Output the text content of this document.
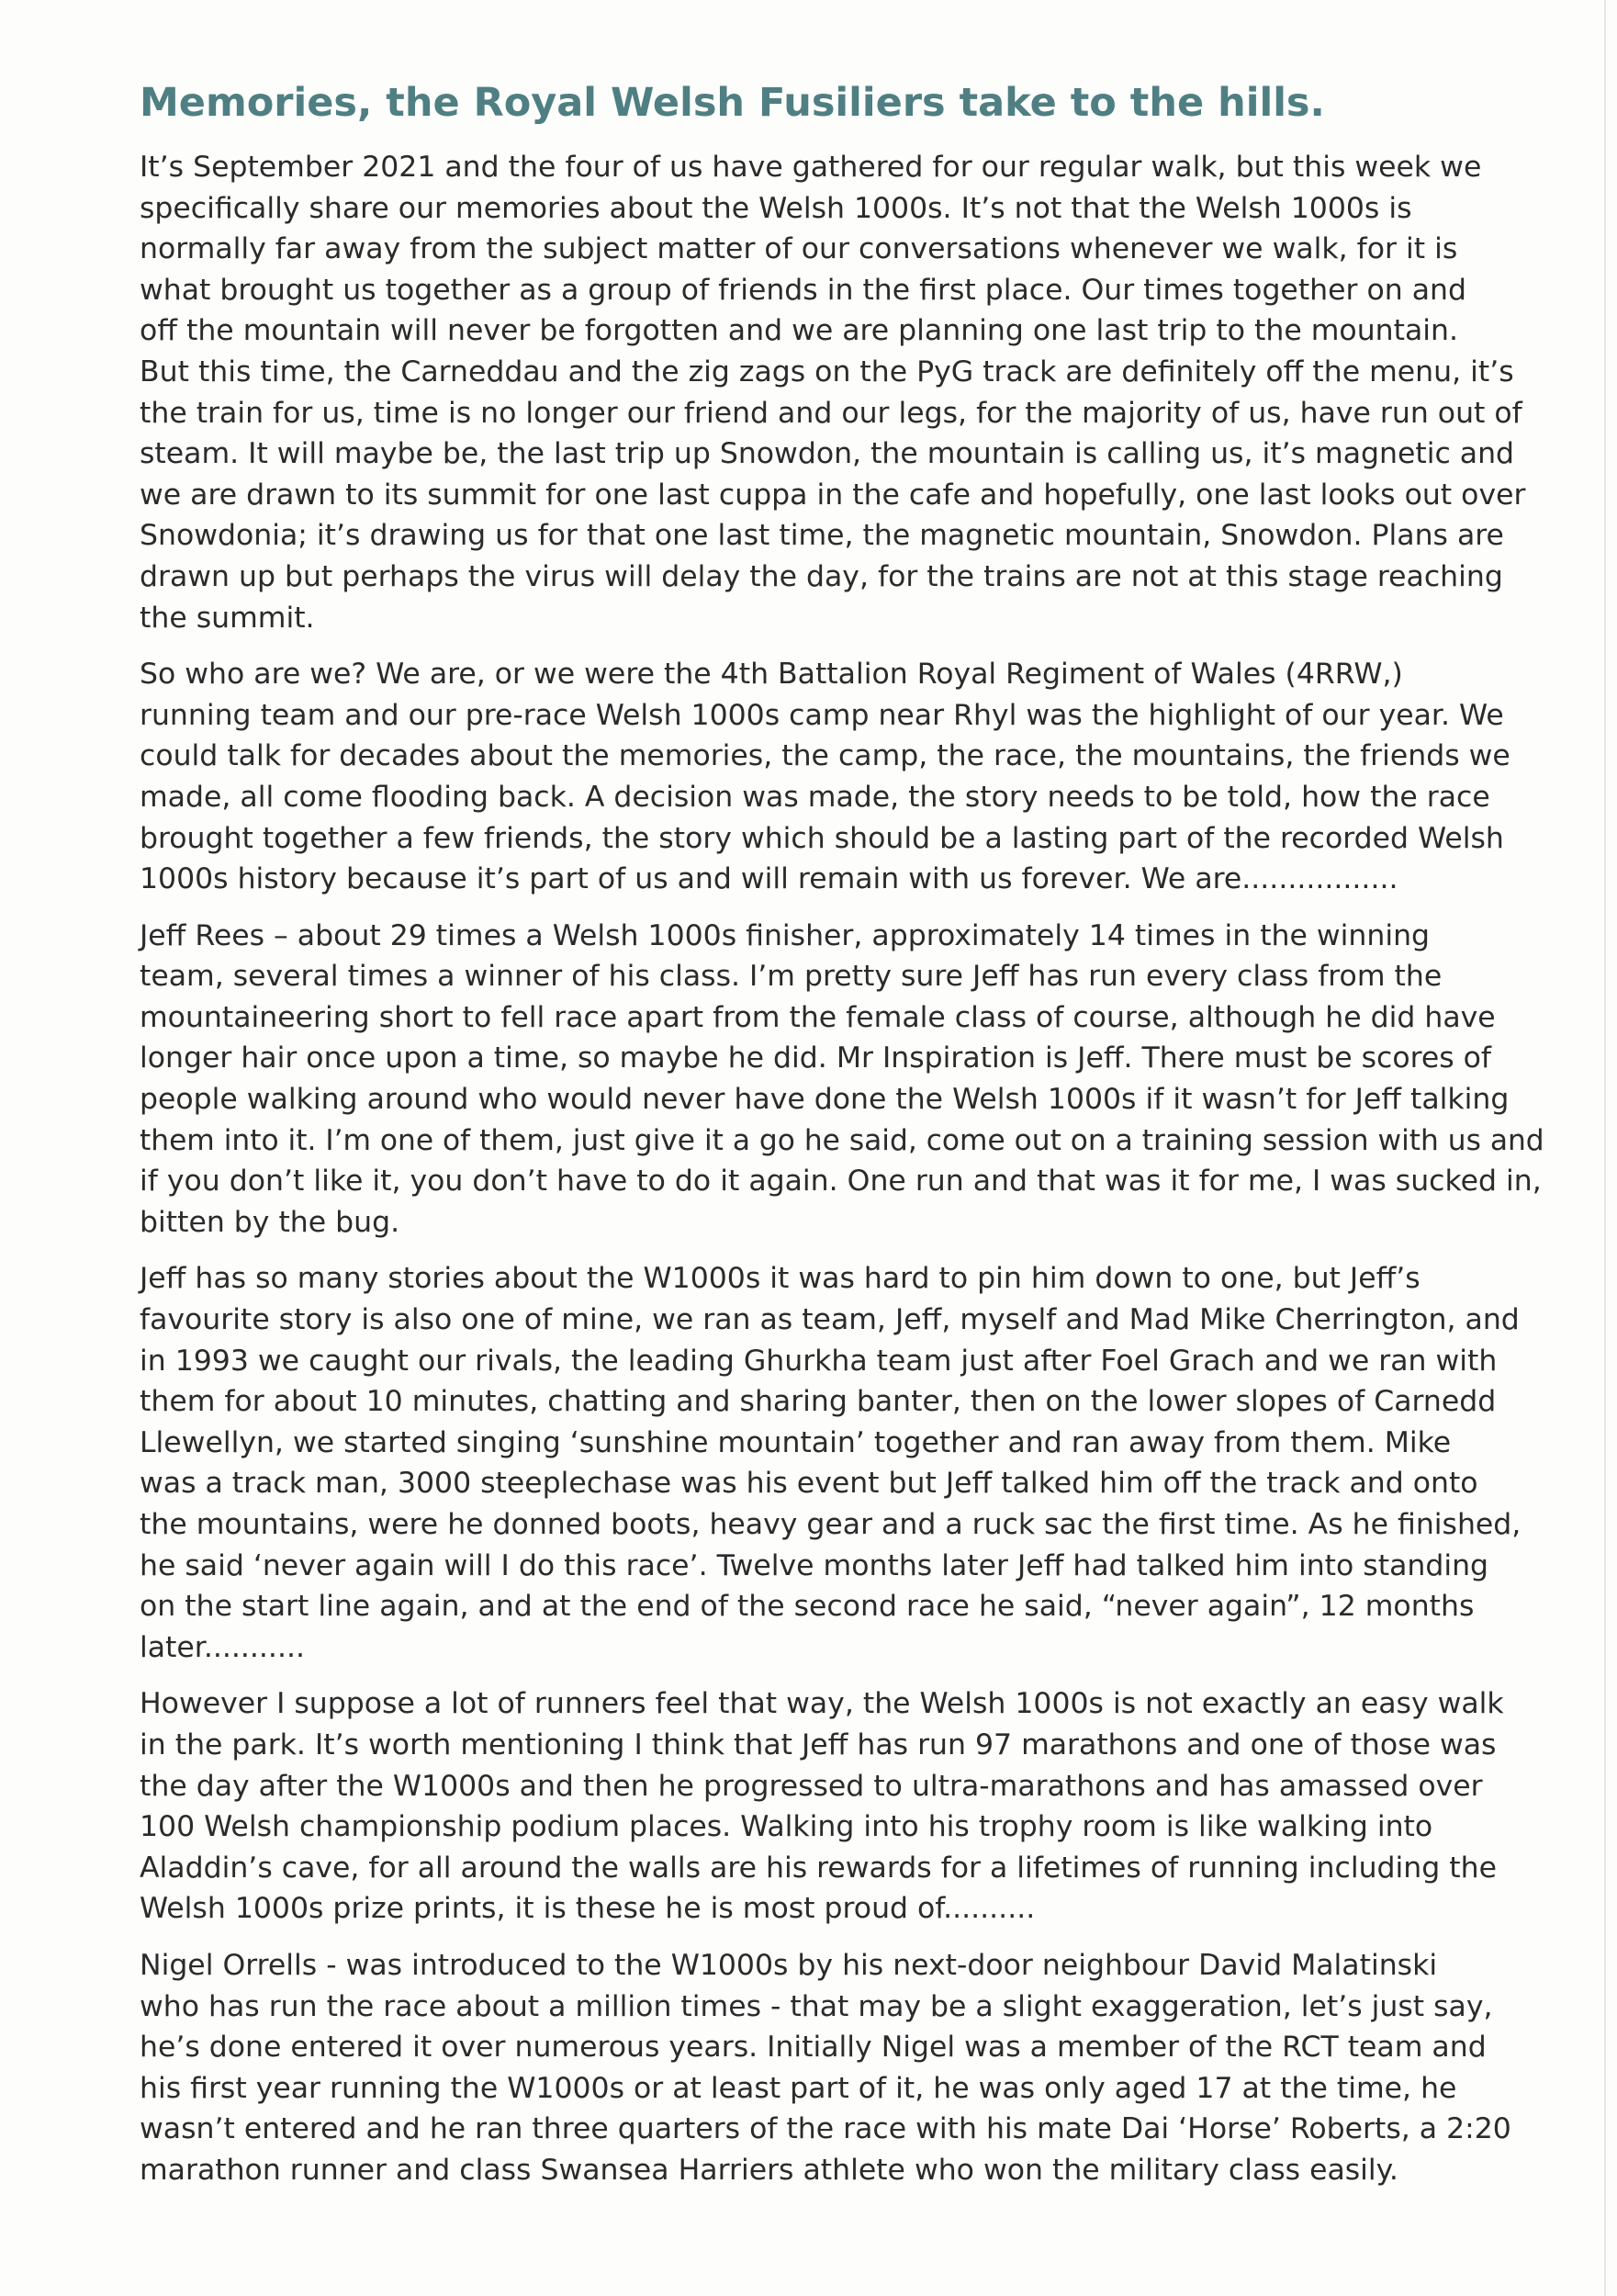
Memories, the Royal Welsh Fusiliers take to the hills.
It’s September 2021 and the four of us have gathered for our regular walk, but this week we
specifically share our memories about the Welsh 1000s. It’s not that the Welsh 1000s is
normally far away from the subject matter of our conversations whenever we walk, for it is
what brought us together as a group of friends in the first place. Our times together on and
off the mountain will never be forgotten and we are planning one last trip to the mountain.
But this time, the Carneddau and the zig zags on the PyG track are definitely off the menu, it’s
the train for us, time is no longer our friend and our legs, for the majority of us, have run out of
steam. It will maybe be, the last trip up Snowdon, the mountain is calling us, it’s magnetic and
we are drawn to its summit for one last cuppa in the cafe and hopefully, one last looks out over
Snowdonia; it’s drawing us for that one last time, the magnetic mountain, Snowdon. Plans are
drawn up but perhaps the virus will delay the day, for the trains are not at this stage reaching
the summit.
So who are we? We are, or we were the 4th Battalion Royal Regiment of Wales (4RRW,)
running team and our pre-race Welsh 1000s camp near Rhyl was the highlight of our year. We
could talk for decades about the memories, the camp, the race, the mountains, the friends we
made, all come flooding back. A decision was made, the story needs to be told, how the race
brought together a few friends, the story which should be a lasting part of the recorded Welsh
1000s history because it’s part of us and will remain with us forever. We are.................
Jeff Rees – about 29 times a Welsh 1000s finisher, approximately 14 times in the winning
team, several times a winner of his class. I’m pretty sure Jeff has run every class from the
mountaineering short to fell race apart from the female class of course, although he did have
longer hair once upon a time, so maybe he did. Mr Inspiration is Jeff. There must be scores of
people walking around who would never have done the Welsh 1000s if it wasn’t for Jeff talking
them into it. I’m one of them, just give it a go he said, come out on a training session with us and
if you don’t like it, you don’t have to do it again. One run and that was it for me, I was sucked in,
bitten by the bug.
Jeff has so many stories about the W1000s it was hard to pin him down to one, but Jeff’s
favourite story is also one of mine, we ran as team, Jeff, myself and Mad Mike Cherrington, and
in 1993 we caught our rivals, the leading Ghurkha team just after Foel Grach and we ran with
them for about 10 minutes, chatting and sharing banter, then on the lower slopes of Carnedd
Llewellyn, we started singing ‘sunshine mountain’ together and ran away from them. Mike
was a track man, 3000 steeplechase was his event but Jeff talked him off the track and onto
the mountains, were he donned boots, heavy gear and a ruck sac the first time. As he finished,
he said ‘never again will I do this race’. Twelve months later Jeff had talked him into standing
on the start line again, and at the end of the second race he said, “never again”, 12 months
later...........
However I suppose a lot of runners feel that way, the Welsh 1000s is not exactly an easy walk
in the park. It’s worth mentioning I think that Jeff has run 97 marathons and one of those was
the day after the W1000s and then he progressed to ultra-marathons and has amassed over
100 Welsh championship podium places. Walking into his trophy room is like walking into
Aladdin’s cave, for all around the walls are his rewards for a lifetimes of running including the
Welsh 1000s prize prints, it is these he is most proud of..........
Nigel Orrells - was introduced to the W1000s by his next-door neighbour David Malatinski
who has run the race about a million times - that may be a slight exaggeration, let’s just say,
he’s done entered it over numerous years. Initially Nigel was a member of the RCT team and
his first year running the W1000s or at least part of it, he was only aged 17 at the time, he
wasn’t entered and he ran three quarters of the race with his mate Dai ‘Horse’ Roberts, a 2:20
marathon runner and class Swansea Harriers athlete who won the military class easily.
